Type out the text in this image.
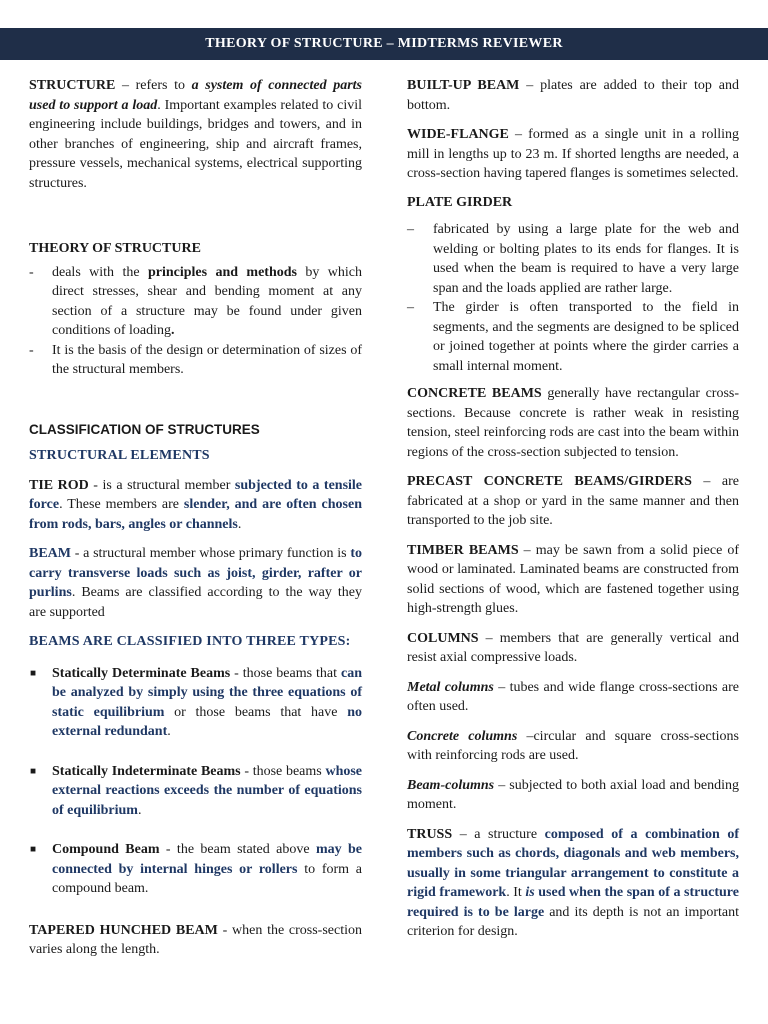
THEORY OF STRUCTURE – MIDTERMS REVIEWER

STRUCTURE – refers to a system of connected parts used to support a load. Important examples related to civil engineering include buildings, bridges and towers, and in other branches of engineering, ship and aircraft frames, pressure vessels, mechanical systems, electrical supporting structures.

THEORY OF STRUCTURE

- deals with the principles and methods by which direct stresses, shear and bending moment at any section of a structure may be found under given conditions of loading.
- It is the basis of the design or determination of sizes of the structural members.

CLASSIFICATION OF STRUCTURES

STRUCTURAL ELEMENTS

TIE ROD - is a structural member subjected to a tensile force. These members are slender, and are often chosen from rods, bars, angles or channels.

BEAM - a structural member whose primary function is to carry transverse loads such as joist, girder, rafter or purlins. Beams are classified according to the way they are supported

BEAMS ARE CLASSIFIED INTO THREE TYPES:

■ Statically Determinate Beams - those beams that can be analyzed by simply using the three equations of static equilibrium or those beams that have no external redundant.
■ Statically Indeterminate Beams - those beams whose external reactions exceeds the number of equations of equilibrium.
■ Compound Beam - the beam stated above may be connected by internal hinges or rollers to form a compound beam.

TAPERED HUNCHED BEAM - when the cross-section varies along the length.

BUILT-UP BEAM – plates are added to their top and bottom.

WIDE-FLANGE – formed as a single unit in a rolling mill in lengths up to 23 m. If shorted lengths are needed, a cross-section having tapered flanges is sometimes selected.

PLATE GIRDER

– fabricated by using a large plate for the web and welding or bolting plates to its ends for flanges. It is used when the beam is required to have a very large span and the loads applied are rather large.
– The girder is often transported to the field in segments, and the segments are designed to be spliced or joined together at points where the girder carries a small internal moment.

CONCRETE BEAMS generally have rectangular cross-sections. Because concrete is rather weak in resisting tension, steel reinforcing rods are cast into the beam within regions of the cross-section subjected to tension.

PRECAST CONCRETE BEAMS/GIRDERS – are fabricated at a shop or yard in the same manner and then transported to the job site.

TIMBER BEAMS – may be sawn from a solid piece of wood or laminated. Laminated beams are constructed from solid sections of wood, which are fastened together using high-strength glues.

COLUMNS – members that are generally vertical and resist axial compressive loads.

Metal columns – tubes and wide flange cross-sections are often used.

Concrete columns –circular and square cross-sections with reinforcing rods are used.

Beam-columns – subjected to both axial load and bending moment.

TRUSS – a structure composed of a combination of members such as chords, diagonals and web members, usually in some triangular arrangement to constitute a rigid framework. It is used when the span of a structure required is to be large and its depth is not an important criterion for design.
